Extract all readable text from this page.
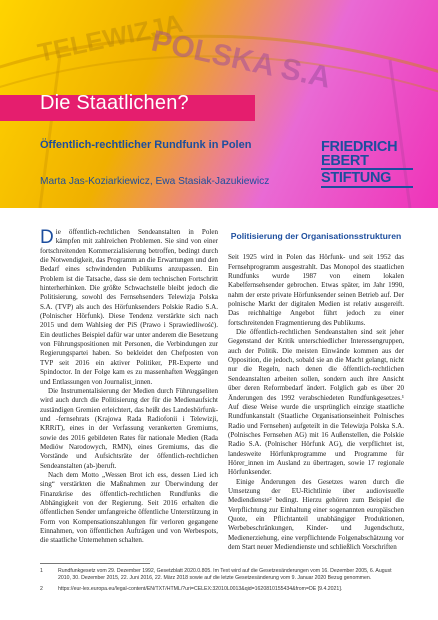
TELEWIZJA
POLSKA S.A
Die Staatlichen?
Öffentlich-rechtlicher Rundfunk in Polen
Marta Jas-Koziarkiewicz, Ewa Stasiak-Jazukiewicz
FRIEDRICH
EBERT
STIFTUNG

Die öffentlich-rechtlichen Sendeanstalten in Polen kämpfen mit zahlreichen Problemen. Sie sind von einer fortschreitenden Kommerzialisierung betroffen, bedingt durch die Notwendigkeit, das Programm an die Erwartungen und den Bedarf eines schwindenden Publikums anzupassen. Ein Problem ist die Tatsache, dass sie dem technischen Fortschritt hinterherhinken. Die größte Schwachstelle bleibt jedoch die Politisierung, sowohl des Fernsehsenders Telewizja Polska S.A. (TVP) als auch des Hörfunksenders Polskie Radio S.A. (Polnischer Hörfunk). Diese Tendenz verstärkte sich nach 2015 und dem Wahlsieg der PiS (Prawo i Sprawiedliwość). Ein deutliches Beispiel dafür war unter anderem die Besetzung von Führungspositionen mit Personen, die Verbindungen zur Regierungspartei haben. So bekleidet den Chefposten von TVP seit 2016 ein aktiver Politiker, PR-Experte und Spindoctor. In der Folge kam es zu massenhaften Weggängen und Entlassungen von Journalist_innen.

Die Instrumentalisierung der Medien durch Führungseliten wird auch durch die Politisierung der für die Medienaufsicht zuständigen Gremien erleichtert, das heißt des Landeshörfunk- und -fernsehrats (Krajowa Rada Radiofonii i Telewizji, KRRiT), eines in der Verfassung verankerten Gremiums, sowie des 2016 gebildeten Rates für nationale Medien (Rada Mediów Narodowych, RMN), eines Gremiums, das die Vorstände und Aufsichtsräte der öffentlich-rechtlichen Sendeanstalten (ab-)beruft.

Nach dem Motto „Wessen Brot ich ess, dessen Lied ich sing“ verstärkten die Maßnahmen zur Überwindung der Finanzkrise des öffentlich-rechtlichen Rundfunks die Abhängigkeit von der Regierung. Seit 2016 erhalten die öffentlichen Sender umfangreiche öffentliche Unterstützung in Form von Kompensationszahlungen für verloren gegangene Einnahmen, von öffentlichen Aufträgen und von Werbespots, die staatliche Unternehmen schalten.

Politisierung der Organisationsstrukturen

Seit 1925 wird in Polen das Hörfunk- und seit 1952 das Fernsehprogramm ausgestrahlt. Das Monopol des staatlichen Rundfunks wurde 1987 von einem lokalen Kabelfernsehsender gebrochen. Etwas später, im Jahr 1990, nahm der erste private Hörfunksender seinen Betrieb auf. Der polnische Markt der digitalen Medien ist relativ ausgereift. Das reichhaltige Angebot führt jedoch zu einer fortschreitenden Fragmentierung des Publikums.

Die öffentlich-rechtlichen Sendeanstalten sind seit jeher Gegenstand der Kritik unterschiedlicher Interessengruppen, auch der Politik. Die meisten Einwände kommen aus der Opposition, die jedoch, sobald sie an die Macht gelangt, nicht nur die Regeln, nach denen die öffentlich-rechtlichen Sendeanstalten arbeiten sollen, sondern auch ihre Ansicht über deren Reformbedarf ändert. Folglich gab es über 20 Änderungen des 1992 verabschiedeten Rundfunkgesetzes.¹ Auf diese Weise wurde die ursprünglich einzige staatliche Rundfunkanstalt (Staatliche Organisationseinheit Polnisches Radio und Fernsehen) aufgeteilt in die Telewizja Polska S.A. (Polnisches Fernsehen AG) mit 16 Außenstellen, die Polskie Radio S.A. (Polnischer Hörfunk AG), die verpflichtet ist, landesweite Hörfunkprogramme und Programme für Hörer_innen im Ausland zu übertragen, sowie 17 regionale Hörfunksender.

Einige Änderungen des Gesetzes waren durch die Umsetzung der EU-Richtlinie über audiovisuelle Mediendienste² bedingt. Hierzu gehören zum Beispiel die Verpflichtung zur Einhaltung einer sogenannten europäischen Quote, ein Pflichtanteil unabhängiger Produktionen, Werbebeschränkungen, Kinder- und Jugendschutz, Medienerziehung, eine verpflichtende Folgenabschätzung vor dem Start neuer Mediendienste und schließlich Vorschriften

1	Rundfunkgesetz vom 29. Dezember 1992, Gesetzblatt 2020.0.805. Im Text wird auf die Gesetzesänderungen vom 16. Dezember 2005, 6. August 2010, 30. Dezember 2015, 22. Juni 2016, 22. März 2018 sowie auf die letzte Gesetzesänderung vom 9. Januar 2020 Bezug genommen.
2	https://eur-lex.europa.eu/legal-content/EN/TXT/HTML/?uri=CELEX:32010L0013&qid=1620810155434&from=DE [9.4.2021].
